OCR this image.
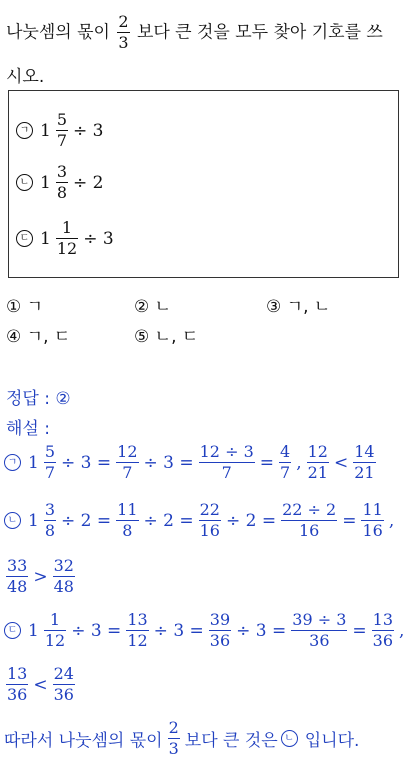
나눗셈의 몫이 $\frac{2}{3}$ 보다 큰 것을 모두 찾아 기호를 쓰
시오.
ㄱ $1 \frac{5}{7} \div 3$
ㄴ $1 \frac{3}{8} \div 2$
ㄷ $1 \frac{1}{12} \div 3$
① ㄱ	② ㄴ	③ ㄱ, ㄴ
④ ㄱ, ㄷ	⑤ ㄴ, ㄷ
정답 : ②
해설 :
ㄱ $1 \frac{5}{7} \div 3 = \frac{12}{7} \div 3 = \frac{12 \div 3}{7} = \frac{4}{7}$ , $\frac{12}{21} < \frac{14}{21}$
ㄴ $1 \frac{3}{8} \div 2 = \frac{11}{8} \div 2 = \frac{22}{16} \div 2 = \frac{22 \div 2}{16} = \frac{11}{16}$ ,
$\frac{33}{48} > \frac{32}{48}$
ㄷ $1 \frac{1}{12} \div 3 = \frac{13}{12} \div 3 = \frac{39}{36} \div 3 = \frac{39 \div 3}{36} = \frac{13}{36}$ ,
$\frac{13}{36} < \frac{24}{36}$
따라서 나눗셈의 몫이 $\frac{2}{3}$ 보다 큰 것은 ㄴ 입니다.
